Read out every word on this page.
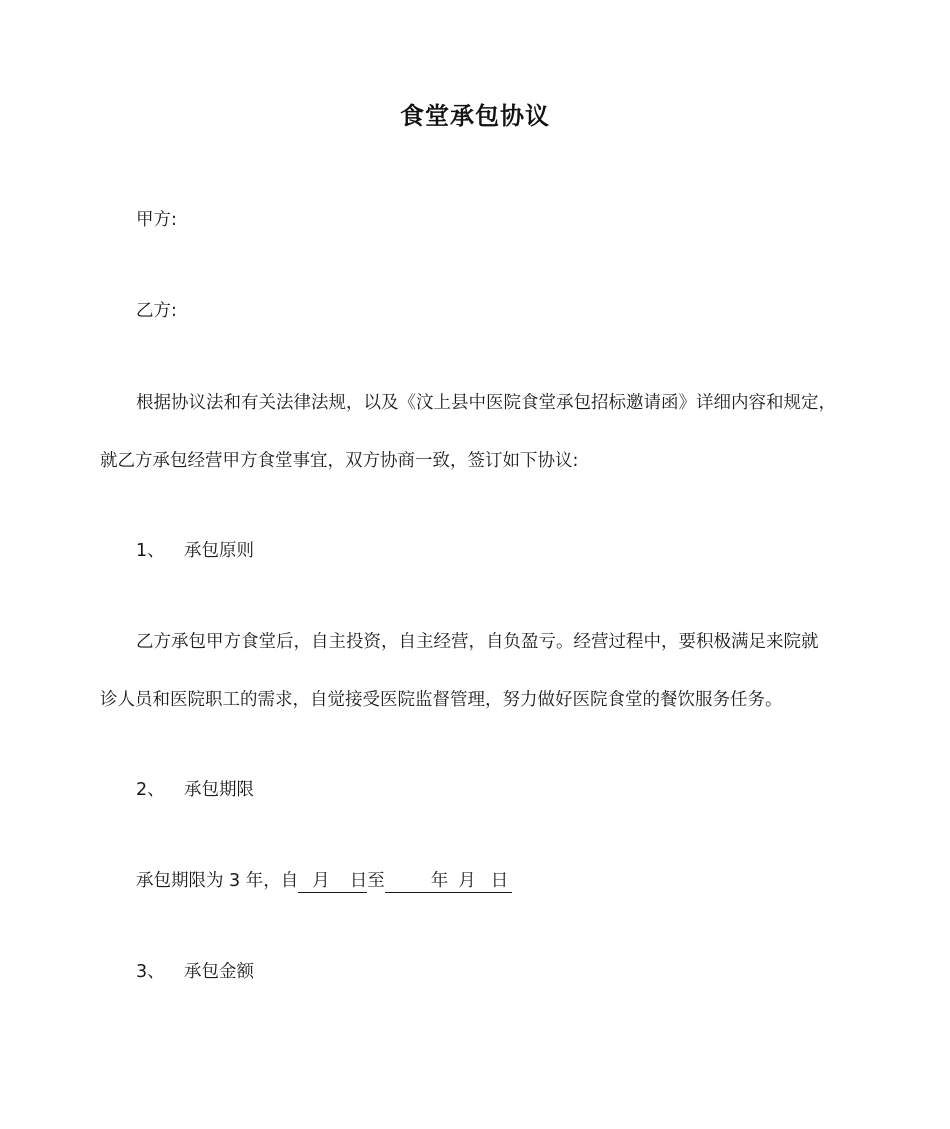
食堂承包协议
甲方:
乙方:
根据协议法和有关法律法规，以及《汶上县中医院食堂承包招标邀请函》详细内容和规定，
就乙方承包经营甲方食堂事宜，双方协商一致，签订如下协议:
1、 承包原则
乙方承包甲方食堂后，自主投资，自主经营，自负盈亏。经营过程中，要积极满足来院就
诊人员和医院职工的需求，自觉接受医院监督管理，努力做好医院食堂的餐饮服务任务。
2、 承包期限
承包期限为 3 年，自 月 日至	年 月 日
3、 承包金额
